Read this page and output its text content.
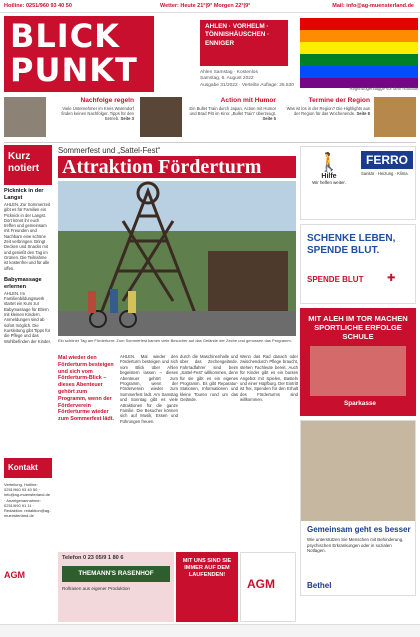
Hotline: 0251/960 93 40 50	Wetter: Heute 21°|9° Morgen 22°|9°	Mail: info@ag-muensterland.de
BLICK
PUNKT
AHLEN · VORHELM ·
TÖNNISHÄUSCHEN ·
ENNIGER
Ahlen Samstag · Kostenlos
Samstag, 6. August 2022
Ausgabe 31/2022 · Verteilte Auflage: 26.530
Regenbogenflagge vor dem Rathaus
Nachfolge regeln
Viele Unternehmer im Kreis Warendorf finden keinen Nachfolger. Tipps für den Betrieb. Seite 3
Action mit Humor
Ein Bullet Train durch Japan, Action mit Humor und Brad Pitt im Kino: „Bullet Train“ überzeugt. Seite 5
Termine der Region
Was ist los in der Region? Die Highlights aus der Region für das Wochenende. Seite 8
Kurz notiert
Picknick in der Langst
AHLEN. Zur Sommerzeit gibt es für Familien ein Picknick in der Langst. Dort könnt ihr euch treffen und gemeinsam mit Freunden und Nachbarn eine schöne Zeit verbringen. Bringt Decken und Snacks mit und genießt den Tag im Grünen. Die Teilnahme ist kostenfrei und für alle offen.
Babymassage erlernen
AHLEN. Im Familienbildungswerk startet ein Kurs zur Babymassage für Eltern mit kleinen Kindern. Anmeldungen sind ab sofort möglich. Die Kursleitung gibt Tipps für die Pflege und das Wohlbefinden der Kinder.
Kontakt
Verteilung, Hotline: 0251/960 93 40 50 · info@ag-muensterland.de · Anzeigenannahme: 0251/690 91 11 · Redaktion: redaktion@ag-muensterland.de
AGM
Sommerfest und „Sattel-Fest“
Attraktion Förderturm
Ein schöner Tag am Förderturm: Zum Sommerfest kamen viele Besucher auf das Gelände der Zeche und genossen das Programm.
Mal wieder den Förderturm besteigen und sich vom Förderturm-Blick – dieses Abenteuer gehört zum Programm, wenn der Förderverein Förderturme wieder zum Sommerfest lädt.
AHLEN. Mal wieder den Förderturm besteigen und sich vom Blick über Ahlen begeistern lassen – dieses Abenteuer gehört zum Programm, wenn der Förderverein wieder zum Sommerfest lädt. Am Samstag und Sonntag gibt es viele Attraktionen für die ganze Familie. Die Besucher können sich auf Musik, Essen und Führungen freuen.
durch die Maschinenhalle und über das Zechengelände. Fahrradfahrer sind beim „Sattel-Fest“ willkommen, denn für sie gibt es ein eigenes Programm. Es gibt Reparatur-Stationen, Informationen und kleine Touren rund um das Gelände.
Wenn das Rad danach oder zwischendurch Pflege braucht, stehen Fachleute bereit. Auch für Kinder gibt es ein buntes Angebot mit Spielen, Basteln und einer Hüpfburg. Der Eintritt ist frei, Spenden für den Erhalt des Förderturms sind willkommen.
🚶
Hilfe
Wir helfen weiter.
FERRO
Sanitär · Heizung · Klima
SCHENKE LEBEN, SPENDE BLUT.
SPENDE BLUT ✚
MIT ALEH IM TOR MACHEN SPORTLICHE ERFOLGE SCHULE
Sparkasse
Gemeinsam geht es besser
Wie unterstützen Sie Menschen mit Behinderung, psychischen Erkrankungen oder in sozialen Notlagen.
Bethel
Telefon 0 23 05/9 1 80 6
THEMANN'S RASENHOF
Rollrasen aus eigener Produktion
MIT UNS SIND SIE IMMER AUF DEM LAUFENDEN!
AGM
